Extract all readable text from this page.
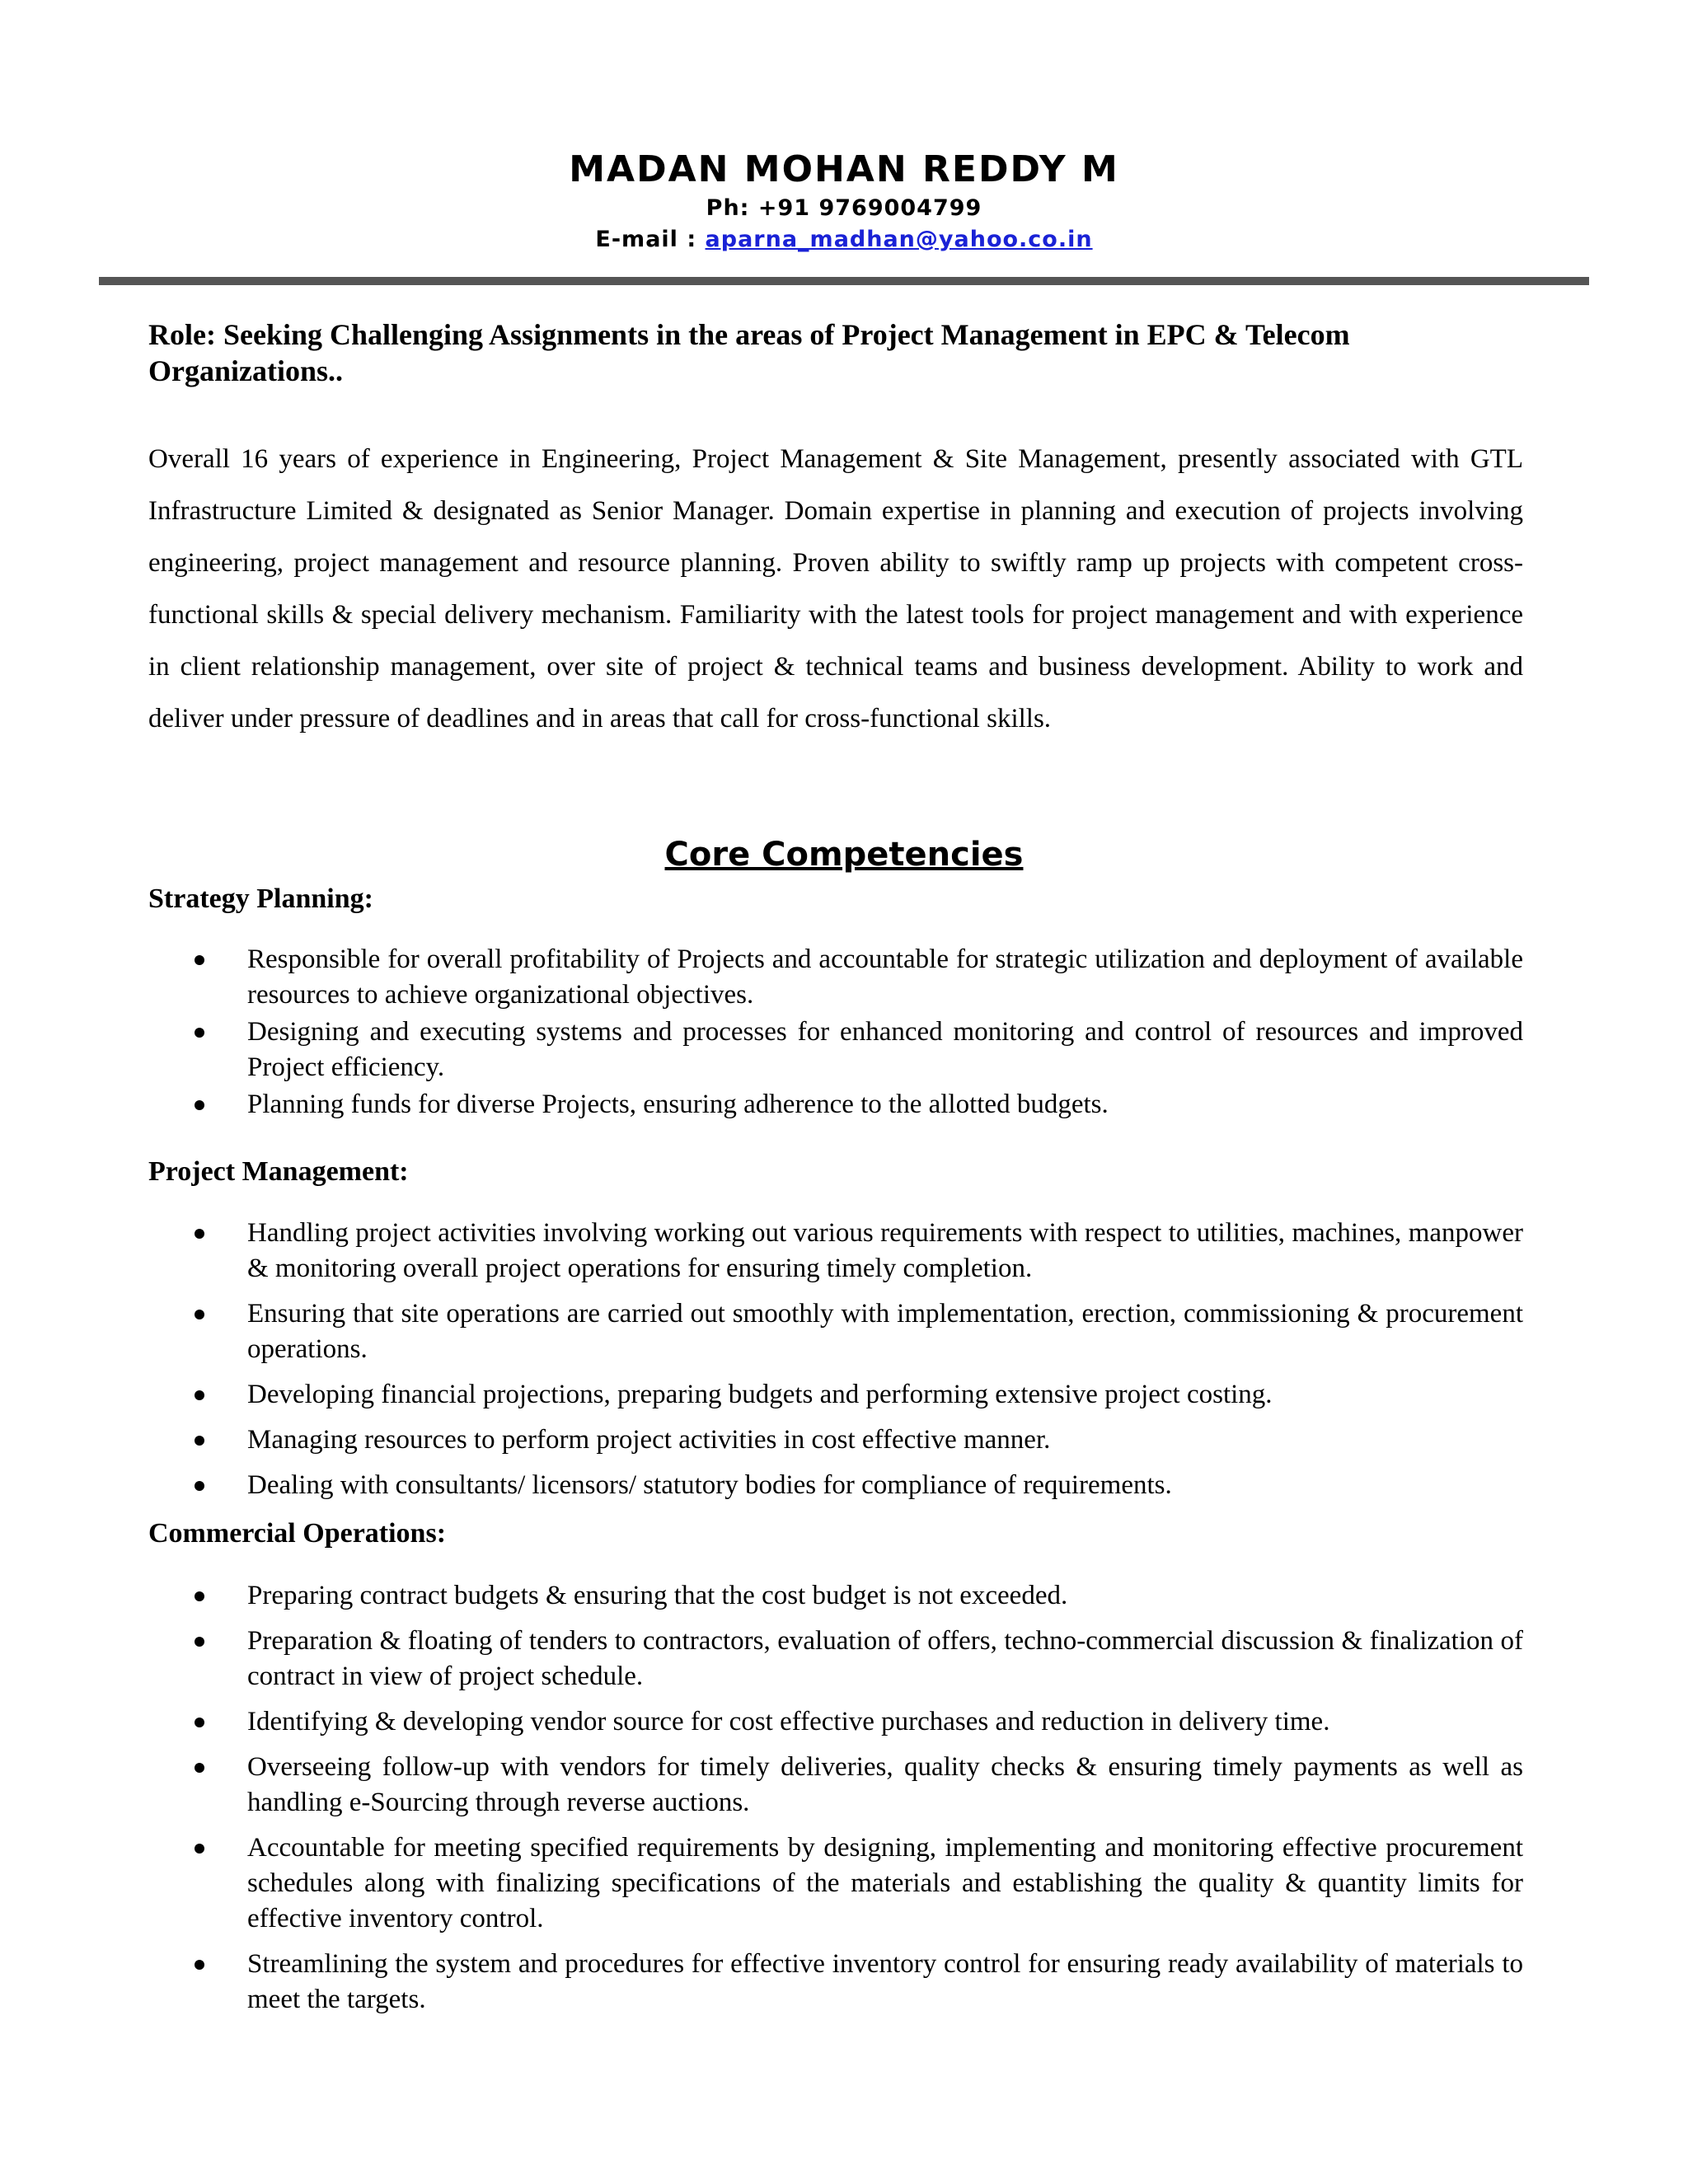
MADAN MOHAN REDDY M
Ph: +91 9769004799
E-mail : aparna_madhan@yahoo.co.in
Role: Seeking Challenging Assignments in the areas of Project Management in EPC & Telecom Organizations..
Overall 16 years of experience in Engineering, Project Management & Site Management, presently associated with GTL Infrastructure Limited & designated as Senior Manager. Domain expertise in planning and execution of projects involving engineering, project management and resource planning. Proven ability to swiftly ramp up projects with competent cross-functional skills & special delivery mechanism. Familiarity with the latest tools for project management and with experience in client relationship management, over site of project & technical teams and business development. Ability to work and deliver under pressure of deadlines and in areas that call for cross-functional skills.
Core Competencies
Strategy Planning:
Responsible for overall profitability of Projects and accountable for strategic utilization and deployment of available resources to achieve organizational objectives.
Designing and executing systems and processes for enhanced monitoring and control of resources and improved Project efficiency.
Planning funds for diverse Projects, ensuring adherence to the allotted budgets.
Project Management:
Handling project activities involving working out various requirements with respect to utilities, machines, manpower & monitoring overall project operations for ensuring timely completion.
Ensuring that site operations are carried out smoothly with implementation, erection, commissioning & procurement operations.
Developing financial projections, preparing budgets and performing extensive project costing.
Managing resources to perform project activities in cost effective manner.
Dealing with consultants/ licensors/ statutory bodies for compliance of requirements.
Commercial Operations:
Preparing contract budgets & ensuring that the cost budget is not exceeded.
Preparation & floating of tenders to contractors, evaluation of offers, techno-commercial discussion & finalization of contract in view of project schedule.
Identifying & developing vendor source for cost effective purchases and reduction in delivery time.
Overseeing follow-up with vendors for timely deliveries, quality checks & ensuring timely payments as well as handling e-Sourcing through reverse auctions.
Accountable for meeting specified requirements by designing, implementing and monitoring effective procurement schedules along with finalizing specifications of the materials and establishing the quality & quantity limits for effective inventory control.
Streamlining the system and procedures for effective inventory control for ensuring ready availability of materials to meet the targets.
